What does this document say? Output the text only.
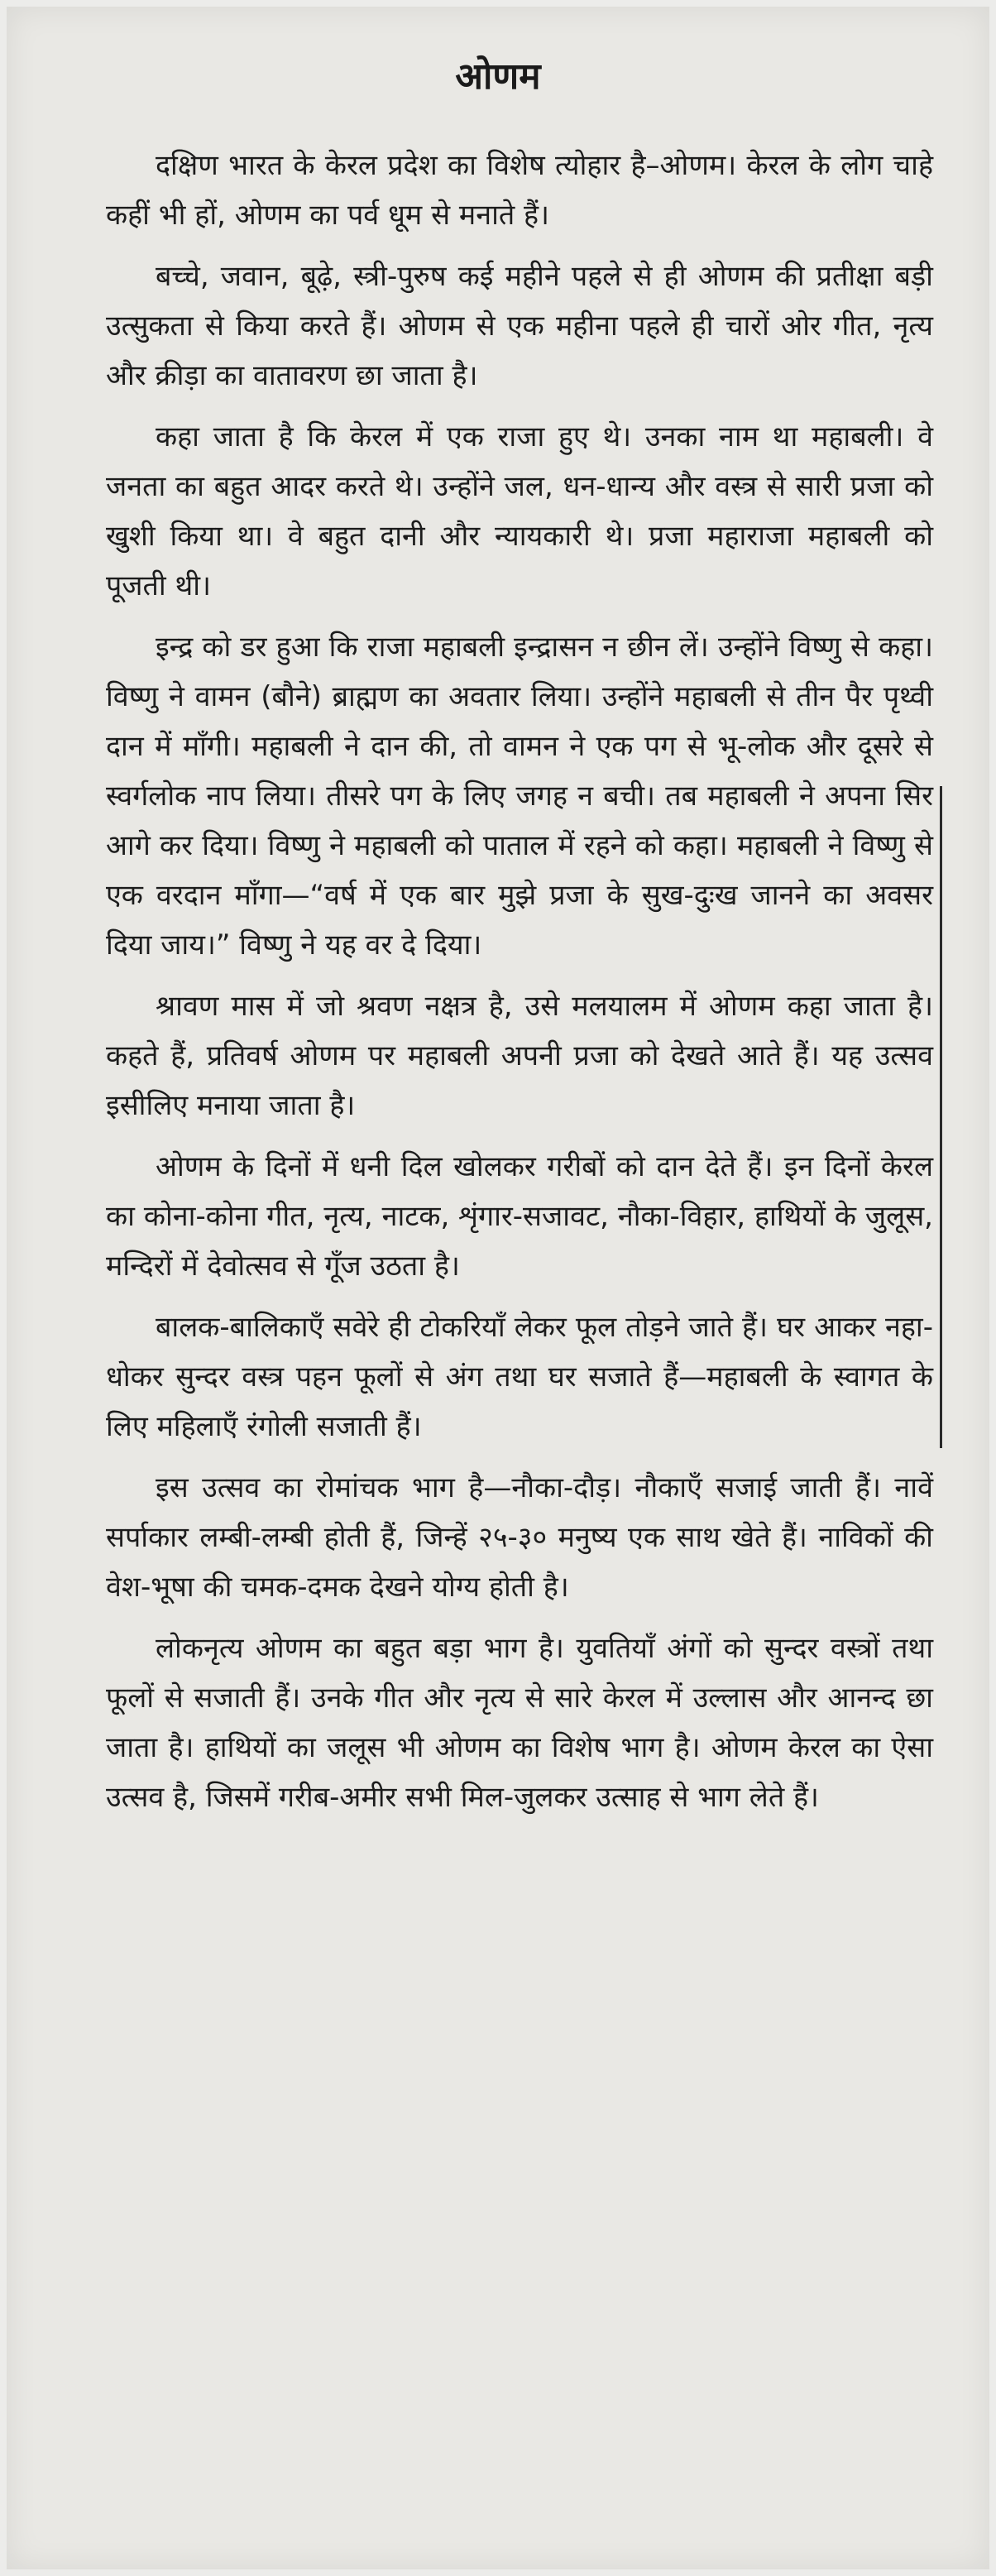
ओणम

दक्षिण भारत के केरल प्रदेश का विशेष त्योहार है–ओणम। केरल के लोग चाहे कहीं भी हों, ओणम का पर्व धूम से मनाते हैं।

बच्चे, जवान, बूढ़े, स्त्री-पुरुष कई महीने पहले से ही ओणम की प्रतीक्षा बड़ी उत्सुकता से किया करते हैं। ओणम से एक महीना पहले ही चारों ओर गीत, नृत्य और क्रीड़ा का वातावरण छा जाता है।

कहा जाता है कि केरल में एक राजा हुए थे। उनका नाम था महाबली। वे जनता का बहुत आदर करते थे। उन्होंने जल, धन-धान्य और वस्त्र से सारी प्रजा को खुशी किया था। वे बहुत दानी और न्यायकारी थे। प्रजा महाराजा महाबली को पूजती थी।

इन्द्र को डर हुआ कि राजा महाबली इन्द्रासन न छीन लें। उन्होंने विष्णु से कहा। विष्णु ने वामन (बौने) ब्राह्मण का अवतार लिया। उन्होंने महाबली से तीन पैर पृथ्वी दान में माँगी। महाबली ने दान की, तो वामन ने एक पग से भू-लोक और दूसरे से स्वर्गलोक नाप लिया। तीसरे पग के लिए जगह न बची। तब महाबली ने अपना सिर आगे कर दिया। विष्णु ने महाबली को पाताल में रहने को कहा। महाबली ने विष्णु से एक वरदान माँगा—“वर्ष में एक बार मुझे प्रजा के सुख-दुःख जानने का अवसर दिया जाय।” विष्णु ने यह वर दे दिया।

श्रावण मास में जो श्रवण नक्षत्र है, उसे मलयालम में ओणम कहा जाता है। कहते हैं, प्रतिवर्ष ओणम पर महाबली अपनी प्रजा को देखते आते हैं। यह उत्सव इसीलिए मनाया जाता है।

ओणम के दिनों में धनी दिल खोलकर गरीबों को दान देते हैं। इन दिनों केरल का कोना-कोना गीत, नृत्य, नाटक, शृंगार-सजावट, नौका-विहार, हाथियों के जुलूस, मन्दिरों में देवोत्सव से गूँज उठता है।

बालक-बालिकाएँ सवेरे ही टोकरियाँ लेकर फूल तोड़ने जाते हैं। घर आकर नहा-धोकर सुन्दर वस्त्र पहन फूलों से अंग तथा घर सजाते हैं—महाबली के स्वागत के लिए महिलाएँ रंगोली सजाती हैं।

इस उत्सव का रोमांचक भाग है—नौका-दौड़। नौकाएँ सजाई जाती हैं। नावें सर्पाकार लम्बी-लम्बी होती हैं, जिन्हें २५-३० मनुष्य एक साथ खेते हैं। नाविकों की वेश-भूषा की चमक-दमक देखने योग्य होती है।

लोकनृत्य ओणम का बहुत बड़ा भाग है। युवतियाँ अंगों को सुन्दर वस्त्रों तथा फूलों से सजाती हैं। उनके गीत और नृत्य से सारे केरल में उल्लास और आनन्द छा जाता है। हाथियों का जलूस भी ओणम का विशेष भाग है। ओणम केरल का ऐसा उत्सव है, जिसमें गरीब-अमीर सभी मिल-जुलकर उत्साह से भाग लेते हैं।
